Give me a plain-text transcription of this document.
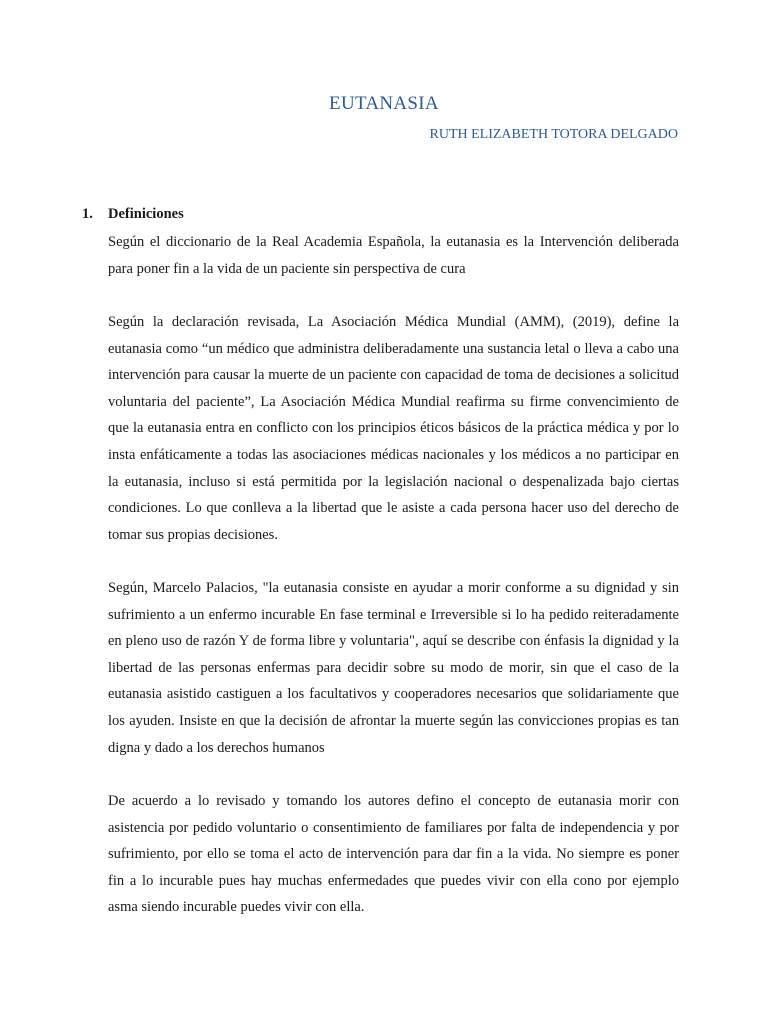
EUTANASIA
RUTH ELIZABETH TOTORA DELGADO
1. Definiciones

Según el diccionario de la Real Academia Española, la eutanasia es la Intervención deliberada para poner fin a la vida de un paciente sin perspectiva de cura

Según la declaración revisada, La Asociación Médica Mundial (AMM), (2019), define la eutanasia como “un médico que administra deliberadamente una sustancia letal o lleva a cabo una intervención para causar la muerte de un paciente con capacidad de toma de decisiones a solicitud voluntaria del paciente”, La Asociación Médica Mundial reafirma su firme convencimiento de que la eutanasia entra en conflicto con los principios éticos básicos de la práctica médica y por lo insta enfáticamente a todas las asociaciones médicas nacionales y los médicos a no participar en la eutanasia, incluso si está permitida por la legislación nacional o despenalizada bajo ciertas condiciones. Lo que conlleva a la libertad que le asiste a cada persona hacer uso del derecho de tomar sus propias decisiones.

Según, Marcelo Palacios, "la eutanasia consiste en ayudar a morir conforme a su dignidad y sin sufrimiento a un enfermo incurable En fase terminal e Irreversible si lo ha pedido reiteradamente en pleno uso de razón Y de forma libre y voluntaria", aquí se describe con énfasis la dignidad y la libertad de las personas enfermas para decidir sobre su modo de morir, sin que el caso de la eutanasia asistido castiguen a los facultativos y cooperadores necesarios que solidariamente que los ayuden. Insiste en que la decisión de afrontar la muerte según las convicciones propias es tan digna y dado a los derechos humanos

De acuerdo a lo revisado y tomando los autores defino el concepto de eutanasia morir con asistencia por pedido voluntario o consentimiento de familiares por falta de independencia y por sufrimiento, por ello se toma el acto de intervención para dar fin a la vida. No siempre es poner fin a lo incurable pues hay muchas enfermedades que puedes vivir con ella cono por ejemplo asma siendo incurable puedes vivir con ella.
